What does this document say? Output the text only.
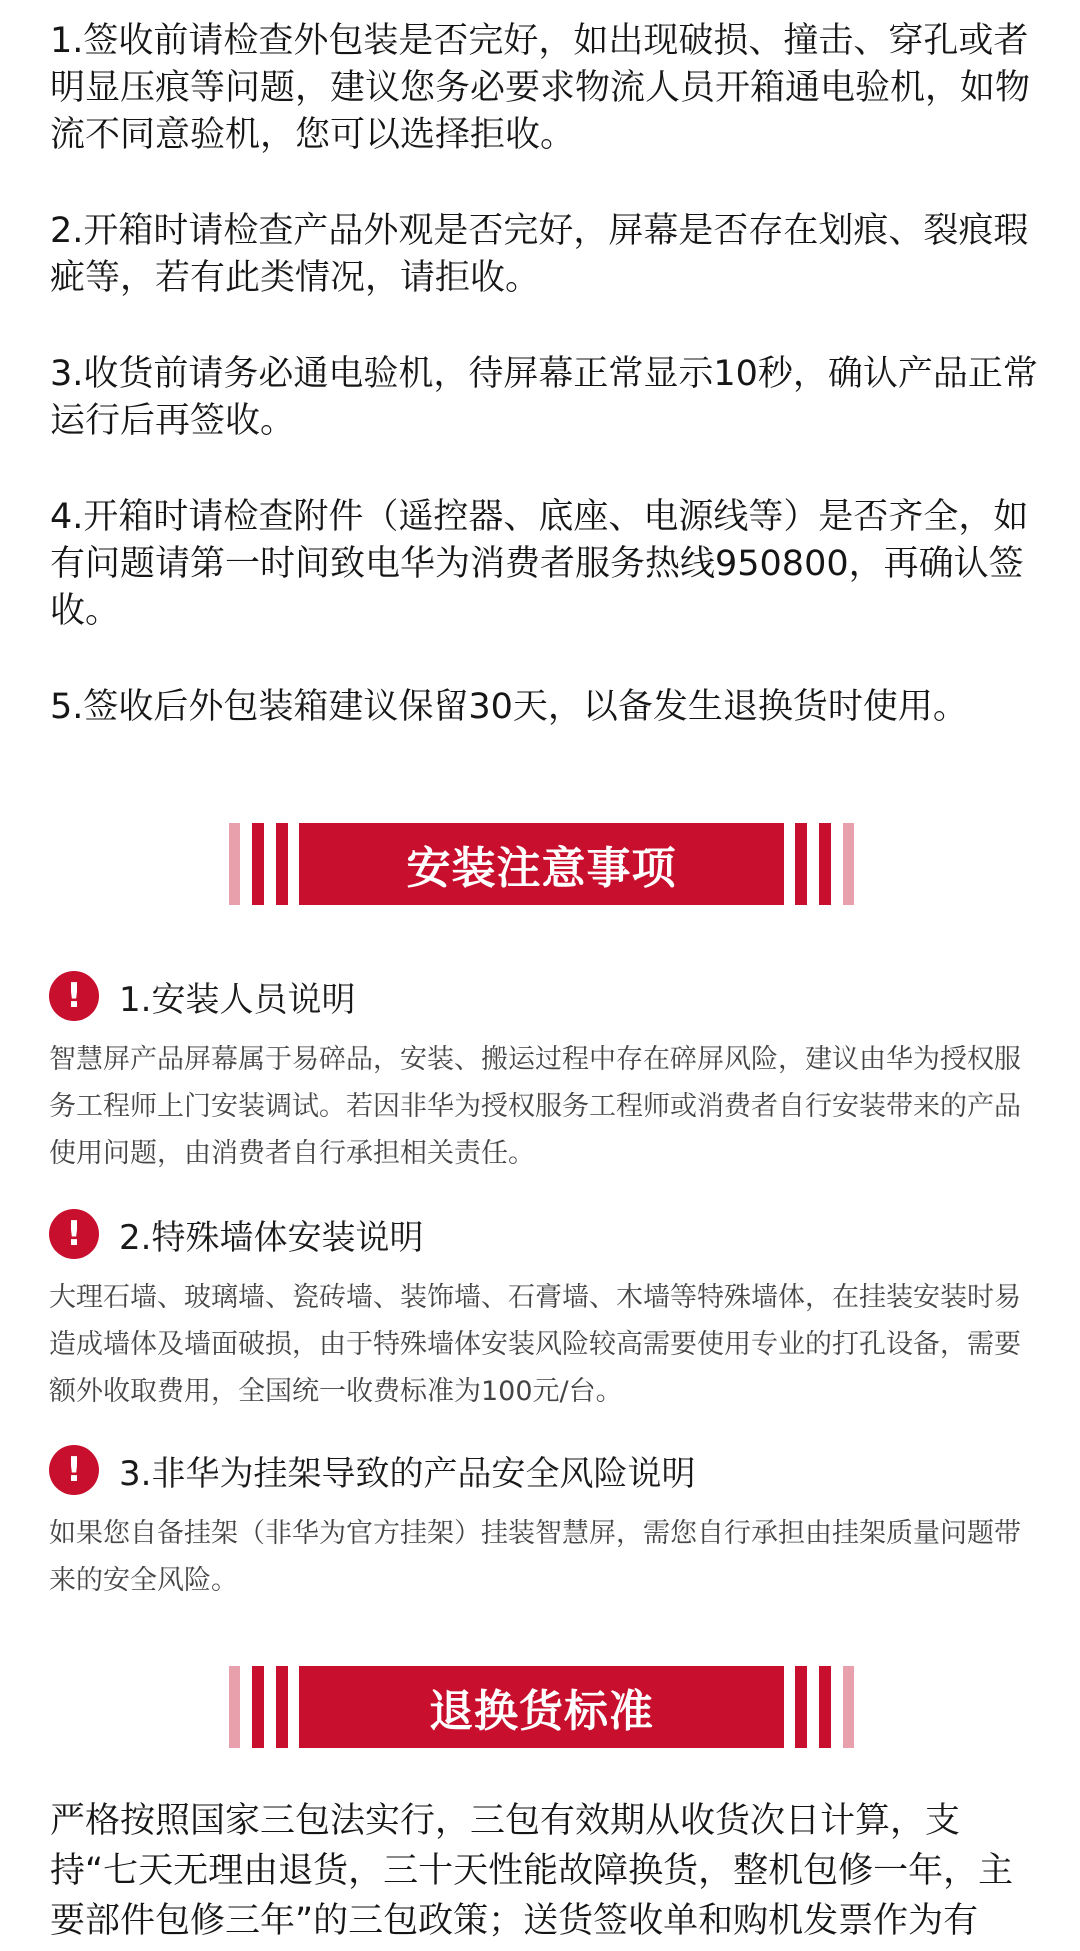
1.签收前请检查外包装是否完好，如出现破损、撞击、穿孔或者明显压痕等问题，建议您务必要求物流人员开箱通电验机，如物流不同意验机，您可以选择拒收。

2.开箱时请检查产品外观是否完好，屏幕是否存在划痕、裂痕瑕疵等，若有此类情况，请拒收。

3.收货前请务必通电验机，待屏幕正常显示10秒，确认产品正常运行后再签收。

4.开箱时请检查附件（遥控器、底座、电源线等）是否齐全，如有问题请第一时间致电华为消费者服务热线950800，再确认签收。

5.签收后外包装箱建议保留30天，以备发生退换货时使用。

安装注意事项
!	1.安装人员说明
智慧屏产品屏幕属于易碎品，安装、搬运过程中存在碎屏风险，建议由华为授权服务工程师上门安装调试。若因非华为授权服务工程师或消费者自行安装带来的产品使用问题，由消费者自行承担相关责任。
!	2.特殊墙体安装说明
大理石墙、玻璃墙、瓷砖墙、装饰墙、石膏墙、木墙等特殊墙体，在挂装安装时易造成墙体及墙面破损，由于特殊墙体安装风险较高需要使用专业的打孔设备，需要额外收取费用，全国统一收费标准为100元/台。
!	3.非华为挂架导致的产品安全风险说明
如果您自备挂架（非华为官方挂架）挂装智慧屏，需您自行承担由挂架质量问题带来的安全风险。
退换货标准
严格按照国家三包法实行，三包有效期从收货次日计算，支持“七天无理由退货，三十天性能故障换货，整机包修一年，主要部件包修三年”的三包政策；送货签收单和购机发票作为有
